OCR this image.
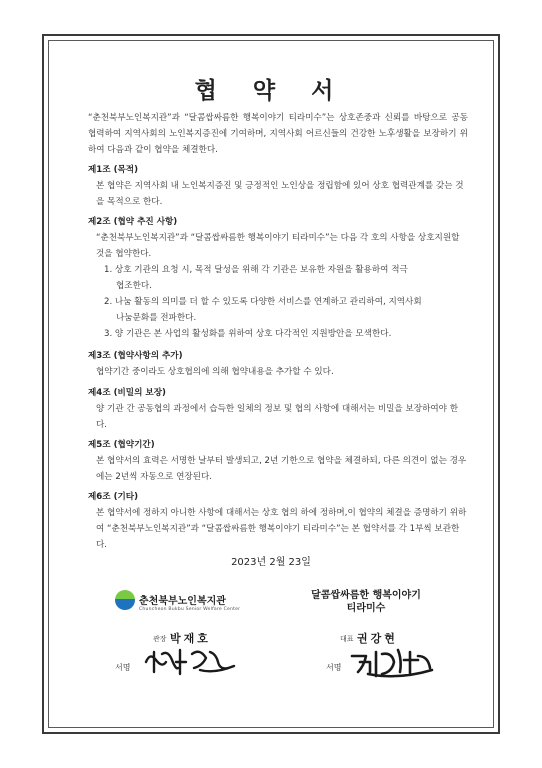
협 약 서
“춘천북부노인복지관”과 “달콤쌉싸름한 행복이야기 티라미수”는 상호존중과 신뢰를 바탕으로 공동 협력하여 지역사회의 노인복지증진에 기여하며, 지역사회 어르신들의 건강한 노후생활을 보장하기 위하여 다음과 같이 협약을 체결한다.
제1조 (목적)
본 협약은 지역사회 내 노인복지증진 및 긍정적인 노인상을 정립함에 있어 상호 협력관계를 갖는 것을 목적으로 한다.
제2조 (협약 추진 사항)
“춘천북부노인복지관”과 “달콤쌉싸름한 행복이야기 티라미수”는 다음 각 호의 사항을 상호지원할 것을 협약한다.
1. 상호 기관의 요청 시, 목적 달성을 위해 각 기관은 보유한 자원을 활용하여 적극
협조한다.
2. 나눔 활동의 의미를 더 할 수 있도록 다양한 서비스를 연계하고 관리하여, 지역사회
나눔문화를 전파한다.
3. 양 기관은 본 사업의 활성화를 위하여 상호 다각적인 지원방안을 모색한다.
제3조 (협약사항의 추가)
협약기간 중이라도 상호협의에 의해 협약내용을 추가할 수 있다.
제4조 (비밀의 보장)
양 기관 간 공동협의 과정에서 습득한 일체의 정보 및 협의 사항에 대해서는 비밀을 보장하여야 한다.
제5조 (협약기간)
본 협약서의 효력은 서명한 날부터 발생되고, 2년 기한으로 협약을 체결하되, 다른 의견이 없는 경우에는 2년씩 자동으로 연장된다.
제6조 (기타)
본 협약서에 정하지 아니한 사항에 대해서는 상호 협의 하에 정하며,이 협약의 체결을 증명하기 위하여 “춘천북부노인복지관”과 “달콤쌉싸름한 행복이야기 티라미수”는 본 협약서를 각 1부씩 보관한다.
2023년 2월 23일
춘천북부노인복지관
Chuncheon Bukbu Senior Welfare Center
관장 박재호
서명
달콤쌉싸름한 행복이야기
티라미수
대표 권강현
서명
